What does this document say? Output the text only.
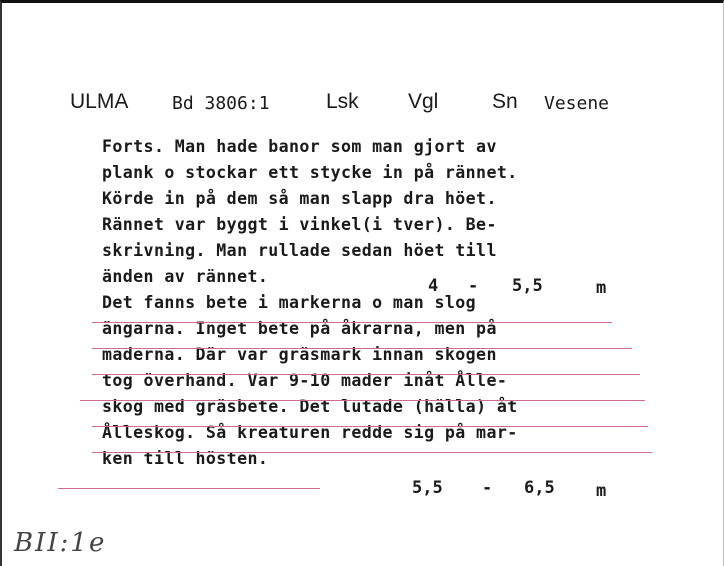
ULMA Bd 3806:1	Lsk Vgl	Sn Vesene
Forts. Man hade banor som man gjort av
plank o stockar ett stycke in på rännet.
Körde in på dem så man slapp dra höet.
Rännet var byggt i vinkel(i tver). Be-
skrivning. Man rullade sedan höet till
änden av rännet.
Det fanns bete i markerna o man slog
ängarna. Inget bete på åkrarna, men på
maderna. Där var gräsmark innan skogen
tog överhand. Var 9-10 mader inåt Ålle-
skog med gräsbete. Det lutade (hälla) åt
Ålleskog. Så kreaturen redde sig på mar-
ken till hösten.
4 - 5,5	m
5,5 - 6,5 m
BII:1e
